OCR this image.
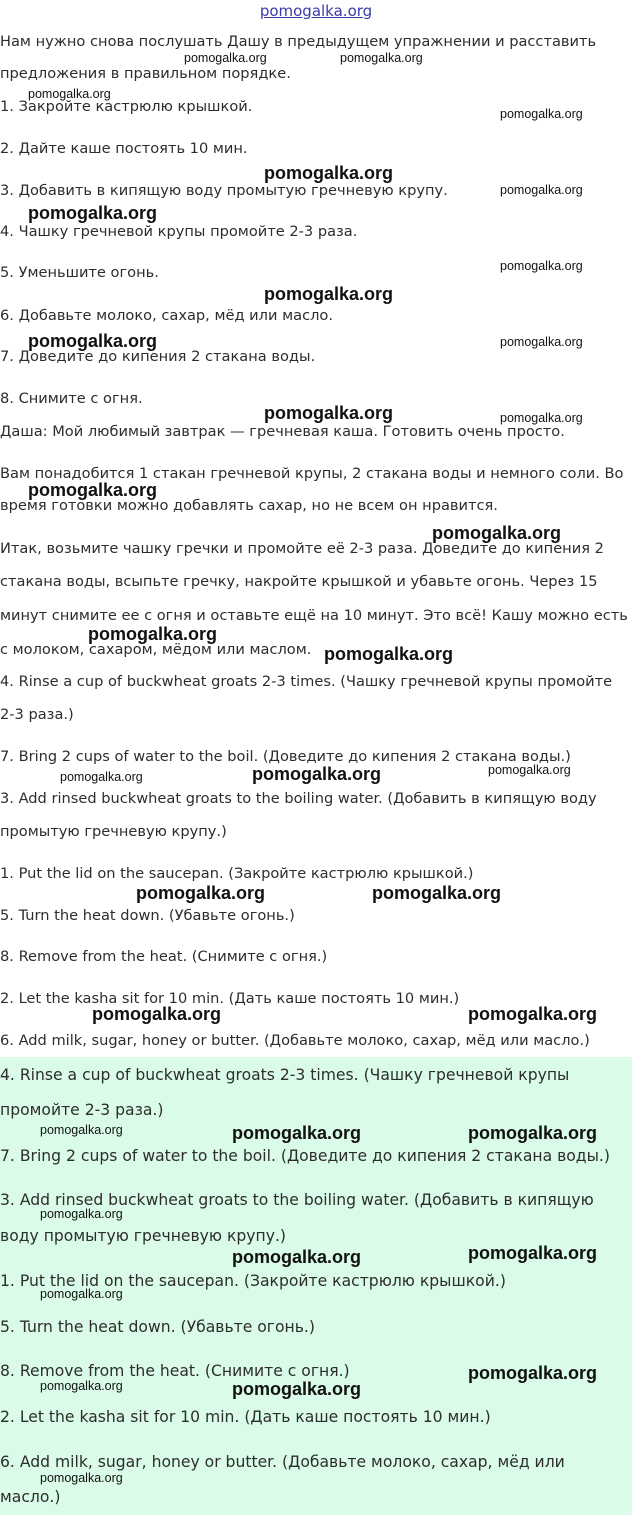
pomogalka.org
Нам нужно снова послушать Дашу в предыдущем упражнении и расставить
предложения в правильном порядке.
1. Закройте кастрюлю крышкой.
2. Дайте каше постоять 10 мин.
3. Добавить в кипящую воду промытую гречневую крупу.
4. Чашку гречневой крупы промойте 2-3 раза.
5. Уменьшите огонь.
6. Добавьте молоко, сахар, мёд или масло.
7. Доведите до кипения 2 стакана воды.
8. Снимите с огня.
Даша: Мой любимый завтрак — гречневая каша. Готовить очень просто.
Вам понадобится 1 стакан гречневой крупы, 2 стакана воды и немного соли. Во
время готовки можно добавлять сахар, но не всем он нравится.
Итак, возьмите чашку гречки и промойте её 2-3 раза. Доведите до кипения 2
стакана воды, всыпьте гречку, накройте крышкой и убавьте огонь. Через 15
минут снимите ее с огня и оставьте ещё на 10 минут. Это всё! Кашу можно есть
с молоком, сахаром, мёдом или маслом.
4. Rinse a cup of buckwheat groats 2-3 times. (Чашку гречневой крупы промойте
2-3 раза.)
7. Bring 2 cups of water to the boil. (Доведите до кипения 2 стакана воды.)
3. Add rinsed buckwheat groats to the boiling water. (Добавить в кипящую воду
промытую гречневую крупу.)
1. Put the lid on the saucepan. (Закройте кастрюлю крышкой.)
5. Turn the heat down. (Убавьте огонь.)
8. Remove from the heat. (Снимите с огня.)
2. Let the kasha sit for 10 min. (Дать каше постоять 10 мин.)
6. Add milk, sugar, honey or butter. (Добавьте молоко, сахар, мёд или масло.)
4. Rinse a cup of buckwheat groats 2-3 times. (Чашку гречневой крупы
промойте 2-3 раза.)
7. Bring 2 cups of water to the boil. (Доведите до кипения 2 стакана воды.)
3. Add rinsed buckwheat groats to the boiling water. (Добавить в кипящую
воду промытую гречневую крупу.)
1. Put the lid on the saucepan. (Закройте кастрюлю крышкой.)
5. Turn the heat down. (Убавьте огонь.)
8. Remove from the heat. (Снимите с огня.)
2. Let the kasha sit for 10 min. (Дать каше постоять 10 мин.)
6. Add milk, sugar, honey or butter. (Добавьте молоко, сахар, мёд или
масло.)
pomogalka.org	pomogalka.org
pomogalka.org
pomogalka.org
pomogalka.org
pomogalka.org
pomogalka.org
pomogalka.org
pomogalka.org
pomogalka.org	pomogalka.org
pomogalka.org	pomogalka.org
pomogalka.org
pomogalka.org
pomogalka.org
pomogalka.org
pomogalka.org	pomogalka.org	pomogalka.org
pomogalka.org	pomogalka.org
pomogalka.org	pomogalka.org
pomogalka.org	pomogalka.org	pomogalka.org
pomogalka.org
pomogalka.org	pomogalka.org
pomogalka.org
pomogalka.org
pomogalka.org	pomogalka.org
pomogalka.org
